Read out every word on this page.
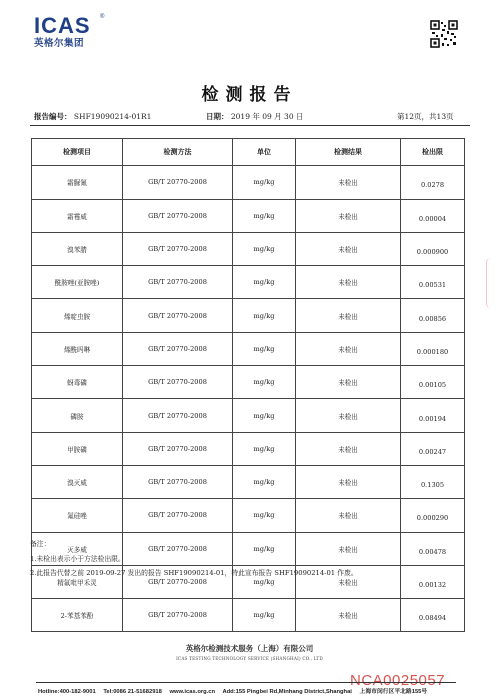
ICAS	®
英格尔集团
检测报告
报告编号： SHF19090214-01R1	日期： 2019 年 09 月 30 日	第12页，共13页
检测项目	检测方法	单位	检测结果	检出限
霜脲氰	GB/T 20770-2008	mg/kg	未检出	0.0278
霜霉威	GB/T 20770-2008	mg/kg	未检出	0.00004
溴苯腈	GB/T 20770-2008	mg/kg	未检出	0.000900
酰胺唑(亚胺唑)	GB/T 20770-2008	mg/kg	未检出	0.00531
烯啶虫胺	GB/T 20770-2008	mg/kg	未检出	0.00856
烯酰吗啉	GB/T 20770-2008	mg/kg	未检出	0.000180
蚜毒磷	GB/T 20770-2008	mg/kg	未检出	0.00105
磷胺	GB/T 20770-2008	mg/kg	未检出	0.00194
甲胺磷	GB/T 20770-2008	mg/kg	未检出	0.00247
溴灭威	GB/T 20770-2008	mg/kg	未检出	0.1305
氟硅唑	GB/T 20770-2008	mg/kg	未检出	0.000290
灭多威	GB/T 20770-2008	mg/kg	未检出	0.00478
精氟吡甲禾灵	GB/T 20770-2008	mg/kg	未检出	0.00132
2-苯基苯酚	GB/T 20770-2008	mg/kg	未检出	0.08494
备注：
1.未检出表示小于方法检出限。
2.此报告代替之前 2019-09-27 发出的报告 SHF19090214-01，特此宣布报告 SHF19090214-01 作废。
英格尔检测技术服务（上海）有限公司
ICAS TESTING TECHNOLOGY SERVICE (SHANGHAI) CO., LTD
NCA0025057
Hotline:400-182-9001 Tel:0086 21-51682918 www.icas.org.cn Add:155 Pingbei Rd,Minhang District,Shanghai 上海市闵行区平北路155号
